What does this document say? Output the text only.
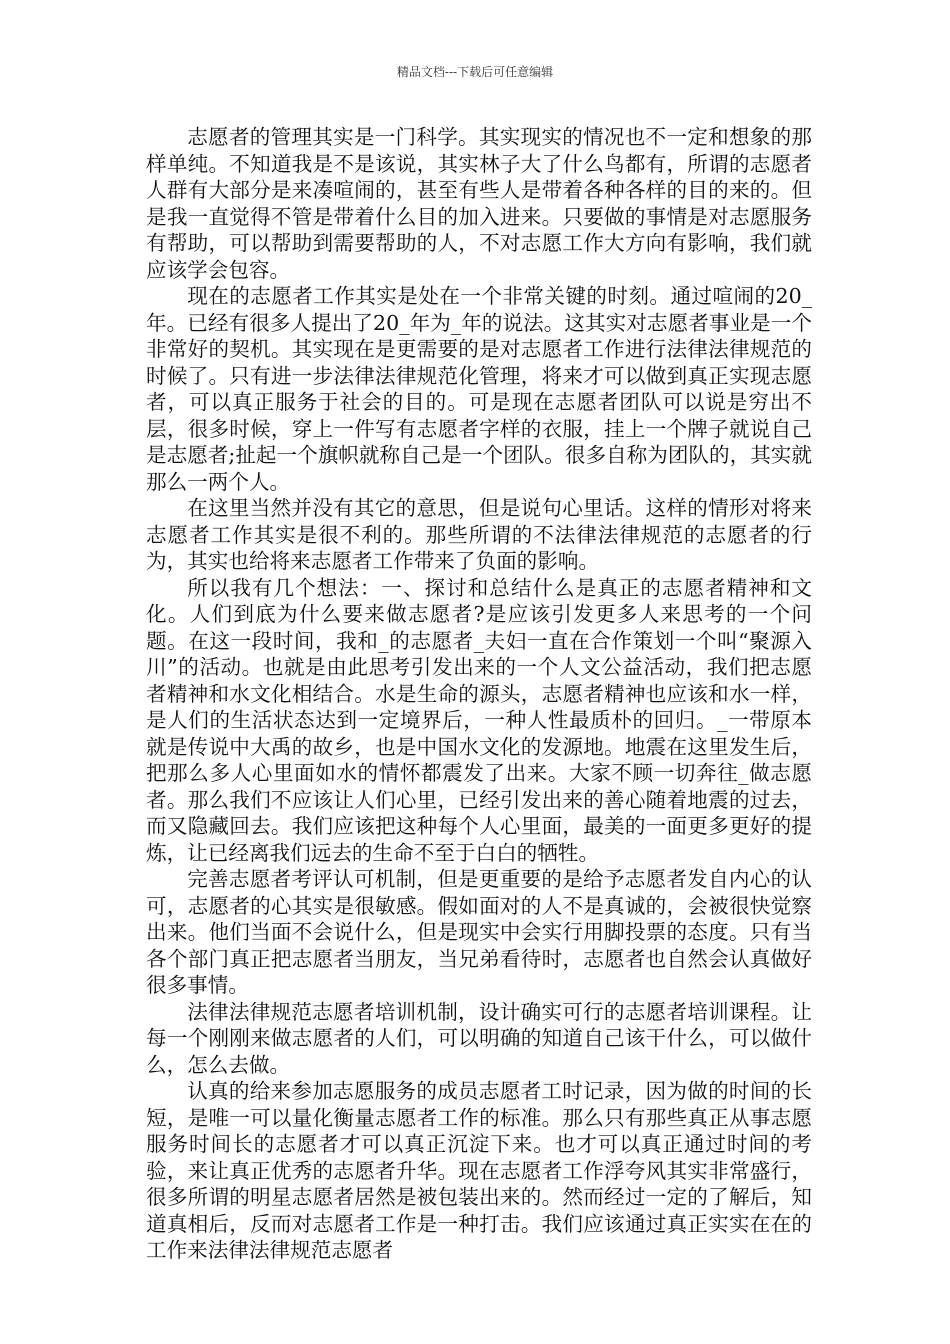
精品文档---下载后可任意编辑

志愿者的管理其实是一门科学。其实现实的情况也不一定和想象的那样单纯。不知道我是不是该说，其实林子大了什么鸟都有，所谓的志愿者人群有大部分是来凑喧闹的，甚至有些人是带着各种各样的目的来的。但是我一直觉得不管是带着什么目的加入进来。只要做的事情是对志愿服务有帮助，可以帮助到需要帮助的人，不对志愿工作大方向有影响，我们就应该学会包容。

现在的志愿者工作其实是处在一个非常关键的时刻。通过喧闹的20_年。已经有很多人提出了20_年为_年的说法。这其实对志愿者事业是一个非常好的契机。其实现在是更需要的是对志愿者工作进行法律法律规范的时候了。只有进一步法律法律规范化管理，将来才可以做到真正实现志愿者，可以真正服务于社会的目的。可是现在志愿者团队可以说是穷出不层，很多时候，穿上一件写有志愿者字样的衣服，挂上一个牌子就说自己是志愿者;扯起一个旗帜就称自己是一个团队。很多自称为团队的，其实就那么一两个人。

在这里当然并没有其它的意思，但是说句心里话。这样的情形对将来志愿者工作其实是很不利的。那些所谓的不法律法律规范的志愿者的行为，其实也给将来志愿者工作带来了负面的影响。

所以我有几个想法：一、探讨和总结什么是真正的志愿者精神和文化。人们到底为什么要来做志愿者?是应该引发更多人来思考的一个问题。在这一段时间，我和_的志愿者_夫妇一直在合作策划一个叫“聚源入川”的活动。也就是由此思考引发出来的一个人文公益活动，我们把志愿者精神和水文化相结合。水是生命的源头，志愿者精神也应该和水一样，是人们的生活状态达到一定境界后，一种人性最质朴的回归。_一带原本就是传说中大禹的故乡，也是中国水文化的发源地。地震在这里发生后，把那么多人心里面如水的情怀都震发了出来。大家不顾一切奔往_做志愿者。那么我们不应该让人们心里，已经引发出来的善心随着地震的过去，而又隐藏回去。我们应该把这种每个人心里面，最美的一面更多更好的提炼，让已经离我们远去的生命不至于白白的牺牲。

完善志愿者考评认可机制，但是更重要的是给予志愿者发自内心的认可，志愿者的心其实是很敏感。假如面对的人不是真诚的，会被很快觉察出来。他们当面不会说什么，但是现实中会实行用脚投票的态度。只有当各个部门真正把志愿者当朋友，当兄弟看待时，志愿者也自然会认真做好很多事情。

法律法律规范志愿者培训机制，设计确实可行的志愿者培训课程。让每一个刚刚来做志愿者的人们，可以明确的知道自己该干什么，可以做什么，怎么去做。

认真的给来参加志愿服务的成员志愿者工时记录，因为做的时间的长短，是唯一可以量化衡量志愿者工作的标准。那么只有那些真正从事志愿服务时间长的志愿者才可以真正沉淀下来。也才可以真正通过时间的考验，来让真正优秀的志愿者升华。现在志愿者工作浮夸风其实非常盛行，很多所谓的明星志愿者居然是被包装出来的。然而经过一定的了解后，知道真相后，反而对志愿者工作是一种打击。我们应该通过真正实实在在的工作来法律法律规范志愿者
